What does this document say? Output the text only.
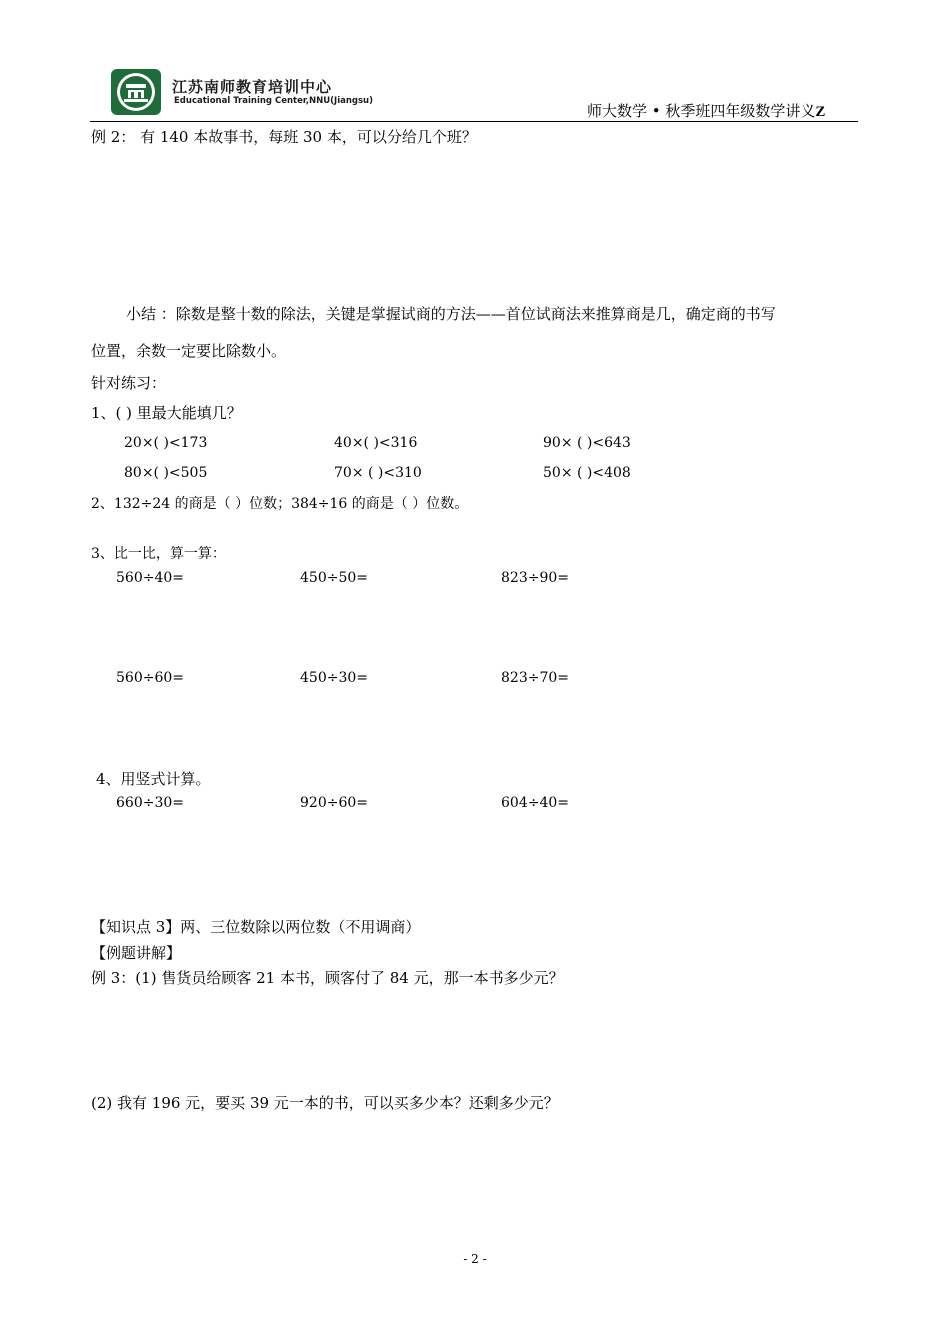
江苏南师教育培训中心
Educational Training Center,NNU(Jiangsu)
师大数学 • 秋季班四年级数学讲义Z
例 2： 有 140 本故事书，每班 30 本，可以分给几个班？
小结 ：除数是整十数的除法，关键是掌握试商的方法——首位试商法来推算商是几，确定商的书写
位置，余数一定要比除数小。
针对练习：
1、( ) 里最大能填几？
20×( )<173	40×( )<316	90× ( )<643
80×( )<505	70× ( )<310	50× ( )<408
2、132÷24 的商是（ ）位数；384÷16 的商是（ ）位数。
3、比一比，算一算：
560÷40=	450÷50=	823÷90=
560÷60=	450÷30=	823÷70=
4、用竖式计算。
660÷30=	920÷60=	604÷40=
【知识点 3】两、三位数除以两位数（不用调商）
【例题讲解】
例 3：(1) 售货员给顾客 21 本书，顾客付了 84 元，那一本书多少元？
(2) 我有 196 元，要买 39 元一本的书，可以买多少本？还剩多少元？
- 2 -
